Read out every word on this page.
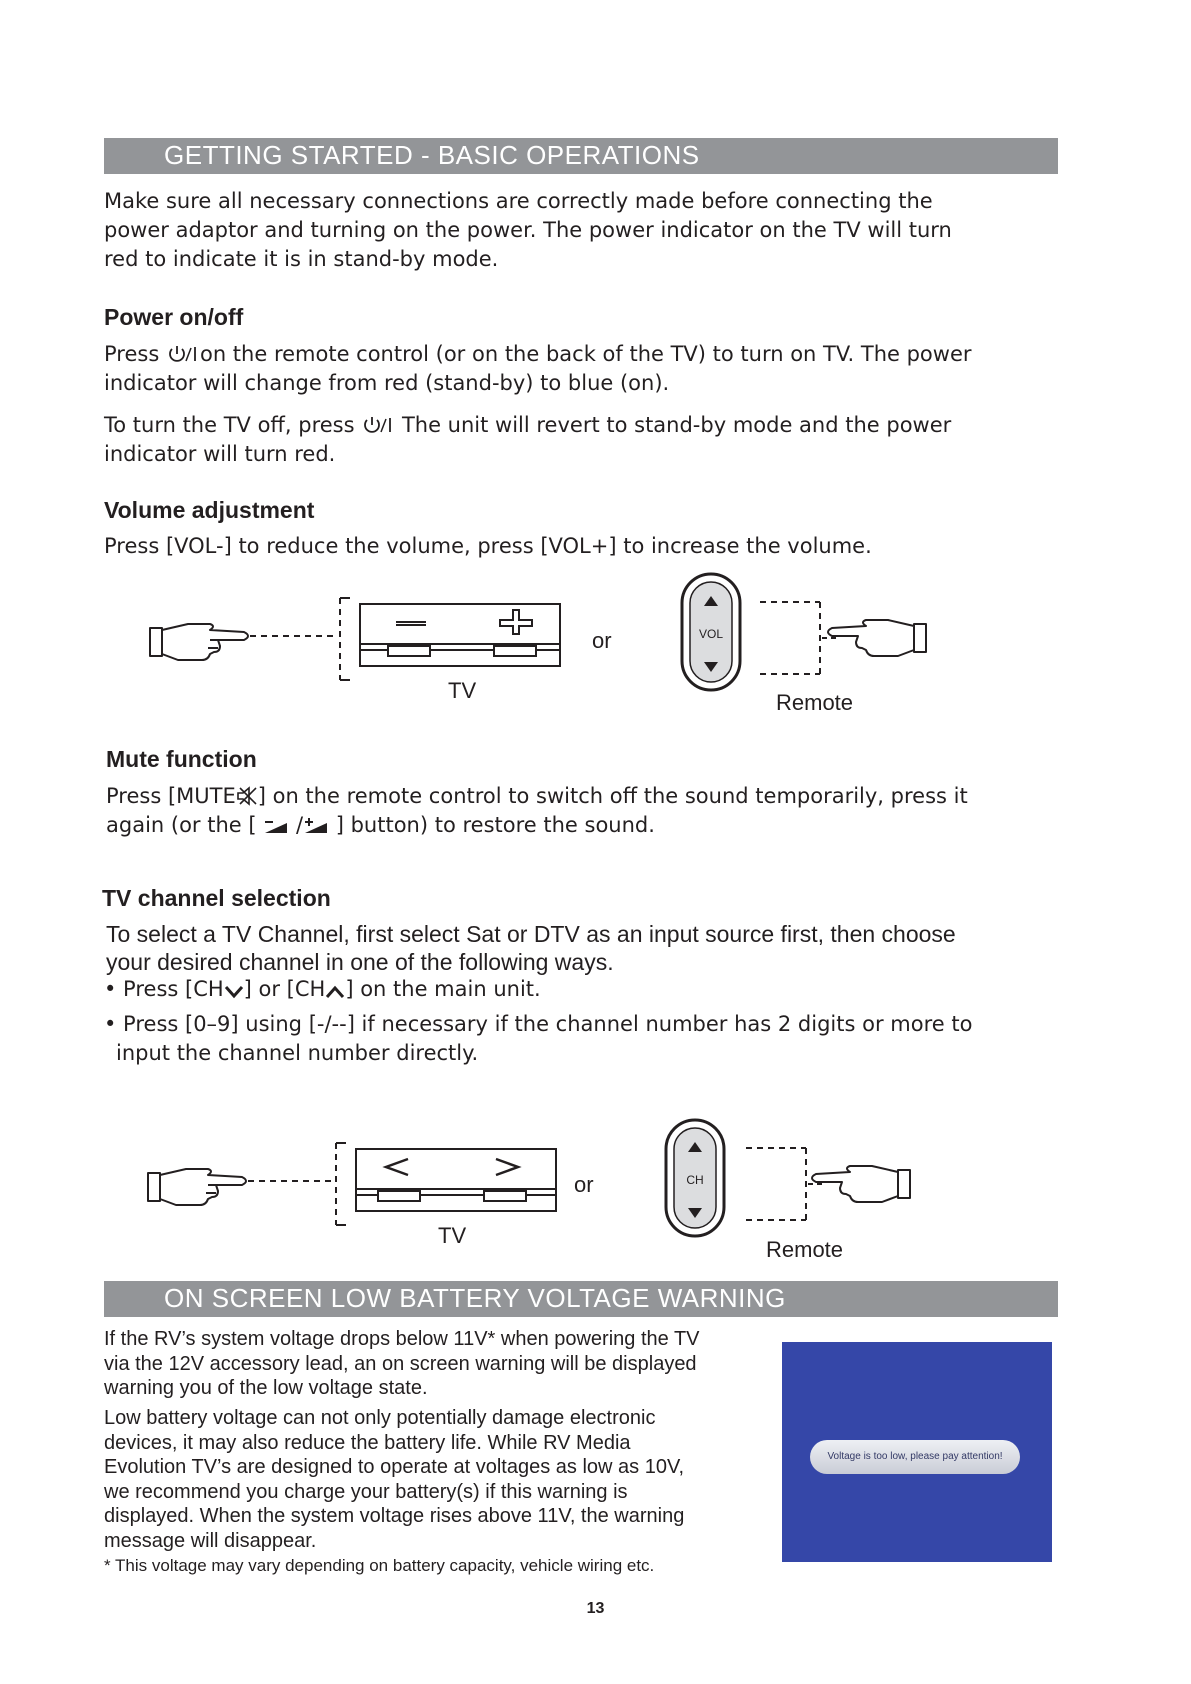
GETTING STARTED - BASIC OPERATIONS
Make sure all necessary connections are correctly made before connecting the
power adaptor and turning on the power. The power indicator on the TV will turn
red to indicate it is in stand-by mode.
Power on/off
Press on the remote control (or on the back of the TV) to turn on TV. The power
indicator will change from red (stand-by) to blue (on).
To turn the TV off, press The unit will revert to stand-by mode and the power
indicator will turn red.
Volume adjustment
Press [VOL-] to reduce the volume, press [VOL+] to increase the volume.
or
TV
VOL
Remote
Mute function
Press [MUTE ] on the remote control to switch off the sound temporarily, press it
again (or the [ / ] button) to restore the sound.
TV channel selection
To select a TV Channel, first select Sat or DTV as an input source first, then choose
your desired channel in one of the following ways.
• Press [CH ] or [CH ] on the main unit.
• Press [0–9] using [-/--] if necessary if the channel number has 2 digits or more to
input the channel number directly.
or
TV
CH
Remote
ON SCREEN LOW BATTERY VOLTAGE WARNING
If the RV’s system voltage drops below 11V* when powering the TV
via the 12V accessory lead, an on screen warning will be displayed
warning you of the low voltage state.
Low battery voltage can not only potentially damage electronic
devices, it may also reduce the battery life. While RV Media
Evolution TV’s are designed to operate at voltages as low as 10V,
we recommend you charge your battery(s) if this warning is
displayed. When the system voltage rises above 11V, the warning
message will disappear.
* This voltage may vary depending on battery capacity, vehicle wiring etc.
Voltage is too low, please pay attention!
13
